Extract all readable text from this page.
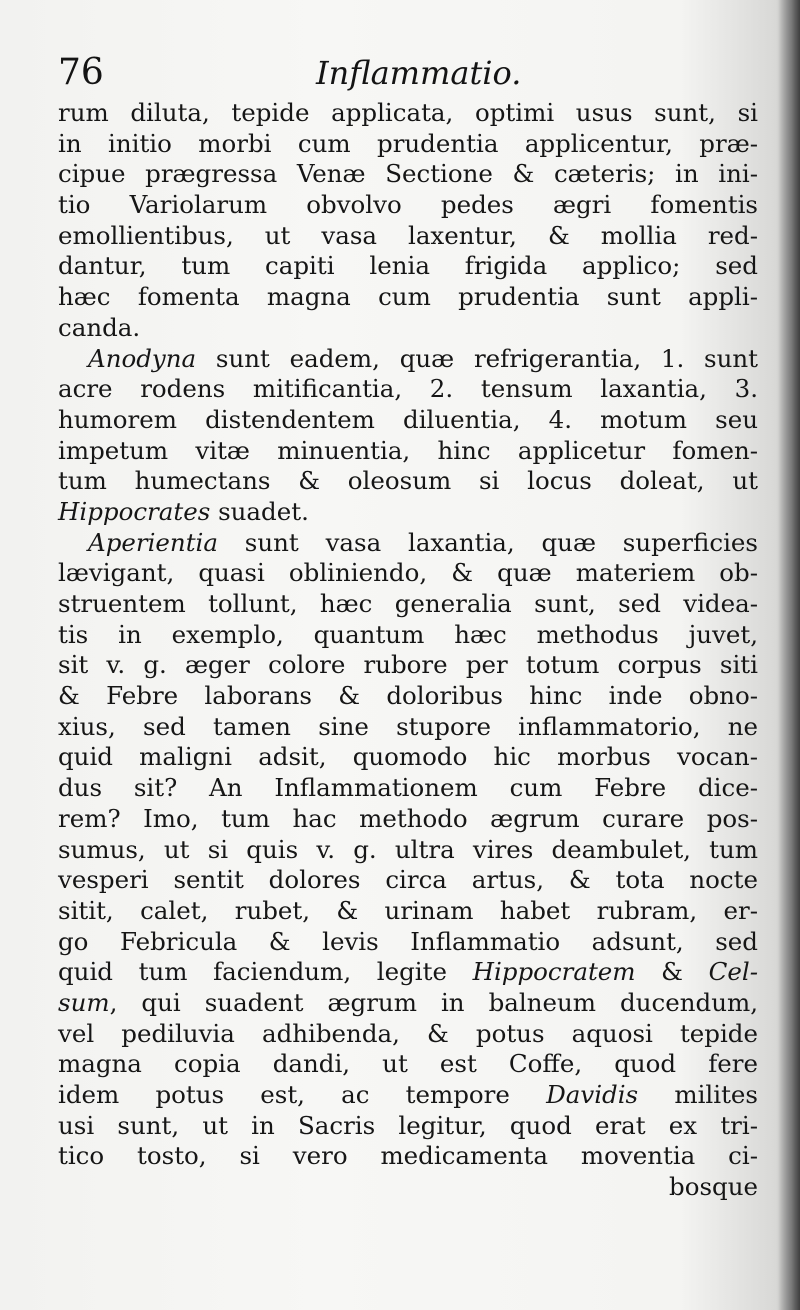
76	Inflammatio.
rum diluta, tepide applicata, optimi usus sunt, si
in initio morbi cum prudentia applicentur, præ-
cipue prægressa Venæ Sectione & cæteris; in ini-
tio Variolarum obvolvo pedes ægri fomentis
emollientibus, ut vasa laxentur, & mollia red-
dantur, tum capiti lenia frigida applico; sed
hæc fomenta magna cum prudentia sunt appli-
canda.
Anodyna sunt eadem, quæ refrigerantia, 1. sunt
acre rodens mitificantia, 2. tensum laxantia, 3.
humorem distendentem diluentia, 4. motum seu
impetum vitæ minuentia, hinc applicetur fomen-
tum humectans & oleosum si locus doleat, ut
Hippocrates suadet.
Aperientia sunt vasa laxantia, quæ superficies
lævigant, quasi obliniendo, & quæ materiem ob-
struentem tollunt, hæc generalia sunt, sed videa-
tis in exemplo, quantum hæc methodus juvet,
sit v. g. æger colore rubore per totum corpus siti
& Febre laborans & doloribus hinc inde obno-
xius, sed tamen sine stupore inflammatorio, ne
quid maligni adsit, quomodo hic morbus vocan-
dus sit? An Inflammationem cum Febre dice-
rem? Imo, tum hac methodo ægrum curare pos-
sumus, ut si quis v. g. ultra vires deambulet, tum
vesperi sentit dolores circa artus, & tota nocte
sitit, calet, rubet, & urinam habet rubram, er-
go Febricula & levis Inflammatio adsunt, sed
quid tum faciendum, legite Hippocratem & Cel-
sum, qui suadent ægrum in balneum ducendum,
vel pediluvia adhibenda, & potus aquosi tepide
magna copia dandi, ut est Coffe, quod fere
idem potus est, ac tempore Davidis milites
usi sunt, ut in Sacris legitur, quod erat ex tri-
tico tosto, si vero medicamenta moventia ci-
bosque
